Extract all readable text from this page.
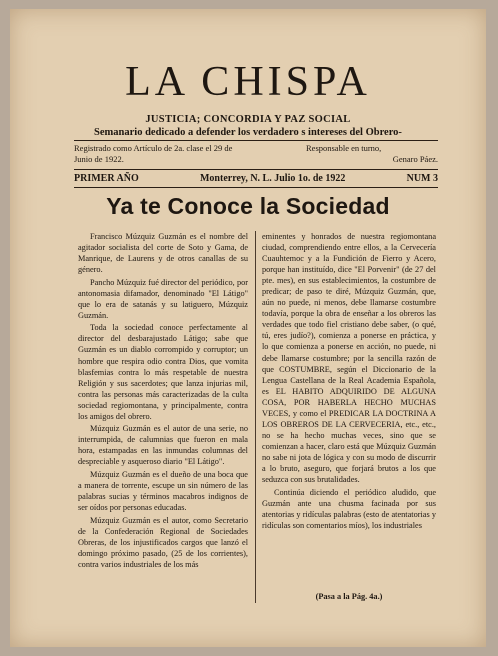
LA CHISPA
JUSTICIA; CONCORDIA Y PAZ SOCIAL
Semanario dedicado a defender los verdadero s intereses del Obrero-
Registrado como Artículo de 2a. clase el 29 de Junio de 1922.
Responsable en turno,
Genaro Páez.
PRIMER AÑO	Monterrey, N. L. Julio 1o. de 1922	NUM 3
Ya te Conoce la Sociedad

Francisco Múzquiz Guzmán es el nombre del agitador socialista del corte de Soto y Gama, de Manrique, de Laurens y de otros canallas de su género.

Pancho Múzquiz fué director del periódico, por antonomasia difamador, denominado "El Látigo" que lo era de satanás y su latiguero, Múzquiz Guzmán.

Toda la sociedad conoce perfectamente al director del desbarajustado Látigo; sabe que Guzmán es un diablo corrompido y corruptor; un hombre que respira odio contra Dios, que vomita blasfemias contra lo más respetable de nuestra Religión y sus sacerdotes; que lanza injurias mil, contra las personas más caracterizadas de la culta sociedad regiomontana, y principalmente, contra los amigos del obrero.

Múzquiz Guzmán es el autor de una serie, no interrumpida, de calumnias que fueron en mala hora, estampadas en las inmundas columnas del despreciable y asqueroso diario "El Látigo".

Múzquiz Guzmán es el dueño de una boca que a manera de torrente, escupe un sin número de las palabras sucias y términos macabros indignos de ser oídos por personas educadas.

Múzquiz Guzmán es el autor, como Secretario de la Confederación Regional de Sociedades Obreras, de los injustificados cargos que lanzó el domingo próximo pasado, (25 de los corrientes), contra varios industriales de los más

eminentes y honrados de nuestra regiomontana ciudad, comprendiendo entre ellos, a la Cervecería Cuauhtemoc y a la Fundición de Fierro y Acero, porque han instituído, dice "El Porvenir" (de 27 del pte. mes), en sus establecimientos, la costumbre de predicar; de paso te diré, Múzquiz Guzmán, que, aún no puede, ni menos, debe llamarse costumbre todavía, porque la obra de enseñar a los obreros las verdades que todo fiel cristiano debe saber, (o qué, tú, eres judío?), comienza a ponerse en práctica, y lo que comienza a ponerse en acción, no puede, ni debe llamarse costumbre; por la sencilla razón de que COSTUMBRE, según el Diccionario de la Lengua Castellana de la Real Academia Española, es EL HABITO ADQUIRIDO DE ALGUNA COSA, POR HABERLA HECHO MUCHAS VECES, y como el PREDICAR LA DOCTRINA A LOS OBREROS DE LA CERVECERIA, etc., etc., no se ha hecho muchas veces, sino que se comienzan a hacer, claro está que Múzquiz Guzmán no sabe ni jota de lógica y con su modo de discurrir a lo bruto, aseguro, que forjará brutos a los que seduzca con sus brutalidades.

Continúa diciendo el periódico aludido, que Guzmán ante una chusma facinada por sus atentorias y ridículas palabras (esto de atentatorias y ridículas son comentarios míos), los industriales

(Pasa a la Pág. 4a.)
